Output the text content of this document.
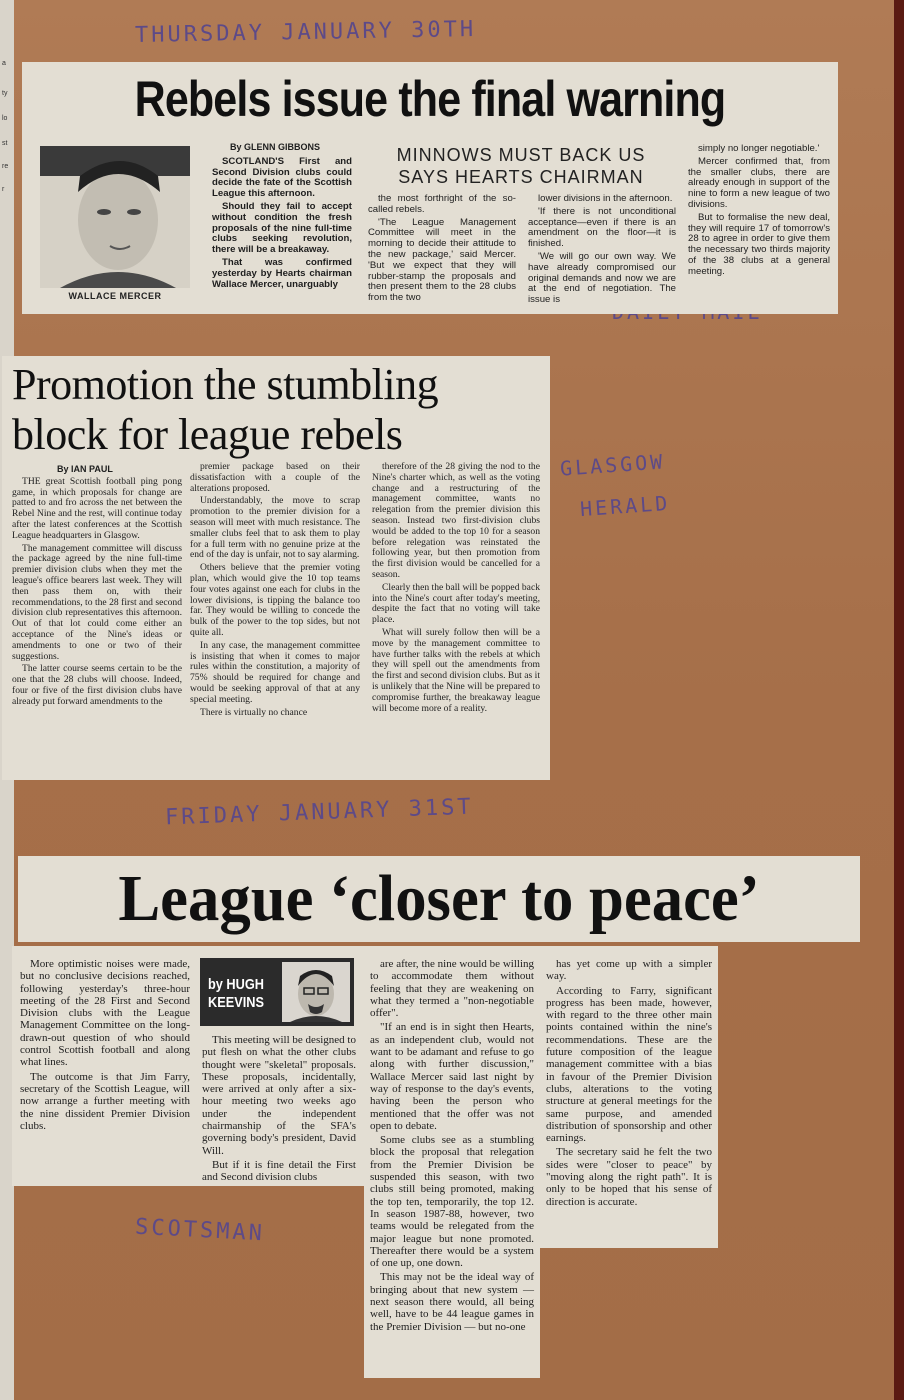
a
ty
lo
st
re
r
THURSDAY JANUARY 30TH
GLASGOW
HERALD
FRIDAY JANUARY 31ST
SCOTSMAN
Rebels issue the final warning
WALLACE MERCER
By GLENN GIBBONS

SCOTLAND'S First and Second Division clubs could decide the fate of the Scottish League this afternoon.

Should they fail to accept without condition the fresh proposals of the nine full-time clubs seeking revolution, there will be a breakaway.

That was confirmed yesterday by Hearts chairman Wallace Mercer, unarguably

MINNOWS MUST BACK US
SAYS HEARTS CHAIRMAN

the most forthright of the so-called rebels.

'The League Management Committee will meet in the morning to decide their attitude to the new package,' said Mercer. 'But we expect that they will rubber-stamp the proposals and then present them to the 28 clubs from the two

lower divisions in the afternoon.

'If there is not unconditional acceptance—even if there is an amendment on the floor—it is finished.

'We will go our own way. We have already compromised our original demands and now we are at the end of negotiation. The issue is

simply no longer negotiable.'

Mercer confirmed that, from the smaller clubs, there are already enough in support of the nine to form a new league of two divisions.

But to formalise the new deal, they will require 17 of tomorrow's 28 to agree in order to give them the necessary two thirds majority of the 38 clubs at a general meeting.

Promotion the stumbling
block for league rebels
By IAN PAUL

THE great Scottish football ping pong game, in which proposals for change are patted to and fro across the net between the Rebel Nine and the rest, will continue today after the latest conferences at the Scottish League headquarters in Glasgow.

The management committee will discuss the package agreed by the nine full-time premier division clubs when they met the league's office bearers last week. They will then pass them on, with their recommendations, to the 28 first and second division club representatives this afternoon. Out of that lot could come either an acceptance of the Nine's ideas or amendments to one or two of their suggestions.

The latter course seems certain to be the one that the 28 clubs will choose. Indeed, four or five of the first division clubs have already put forward amendments to the

premier package based on their dissatisfaction with a couple of the alterations proposed.

Understandably, the move to scrap promotion to the premier division for a season will meet with much resistance. The smaller clubs feel that to ask them to play for a full term with no genuine prize at the end of the day is unfair, not to say alarming.

Others believe that the premier voting plan, which would give the 10 top teams four votes against one each for clubs in the lower divisions, is tipping the balance too far. They would be willing to concede the bulk of the power to the top sides, but not quite all.

In any case, the management committee is insisting that when it comes to major rules within the constitution, a majority of 75% should be required for change and would be seeking approval of that at any special meeting.

There is virtually no chance

therefore of the 28 giving the nod to the Nine's charter which, as well as the voting change and a restructuring of the management committee, wants no relegation from the premier division this season. Instead two first-division clubs would be added to the top 10 for a season before relegation was reinstated the following year, but then promotion from the first division would be cancelled for a season.

Clearly then the ball will be popped back into the Nine's court after today's meeting, despite the fact that no voting will take place.

What will surely follow then will be a move by the management committee to have further talks with the rebels at which they will spell out the amendments from the first and second division clubs. But as it is unlikely that the Nine will be prepared to compromise further, the breakaway league will become more of a reality.

League ‘closer to peace’

More optimistic noises were made, but no conclusive decisions reached, following yesterday's three-hour meeting of the 28 First and Second Division clubs with the League Management Committee on the long-drawn-out question of who should control Scottish football and along what lines.

The outcome is that Jim Farry, secretary of the Scottish League, will now arrange a further meeting with the nine dissident Premier Division clubs.

by HUGH
KEEVINS

This meeting will be designed to put flesh on what the other clubs thought were "skeletal" proposals. These proposals, incidentally, were arrived at only after a six-hour meeting two weeks ago under the independent chairmanship of the SFA's governing body's president, David Will.

But if it is fine detail the First and Second division clubs

are after, the nine would be willing to accommodate them without feeling that they are weakening on what they termed a "non-negotiable offer".

"If an end is in sight then Hearts, as an independent club, would not want to be adamant and refuse to go along with further discussion," Wallace Mercer said last night by way of response to the day's events, having been the person who mentioned that the offer was not open to debate.

Some clubs see as a stumbling block the proposal that relegation from the Premier Division be suspended this season, with two clubs still being promoted, making the top ten, temporarily, the top 12. In season 1987-88, however, two teams would be relegated from the major league but none promoted. Thereafter there would be a system of one up, one down.

This may not be the ideal way of bringing about that new system — next season there would, all being well, have to be 44 league games in the Premier Division — but no-one

has yet come up with a simpler way.

According to Farry, significant progress has been made, however, with regard to the three other main points contained within the nine's recommendations. These are the future composition of the league management committee with a bias in favour of the Premier Division clubs, alterations to the voting structure at general meetings for the same purpose, and amended distribution of sponsorship and other earnings.

The secretary said he felt the two sides were "closer to peace" by "moving along the right path". It is only to be hoped that his sense of direction is accurate.
